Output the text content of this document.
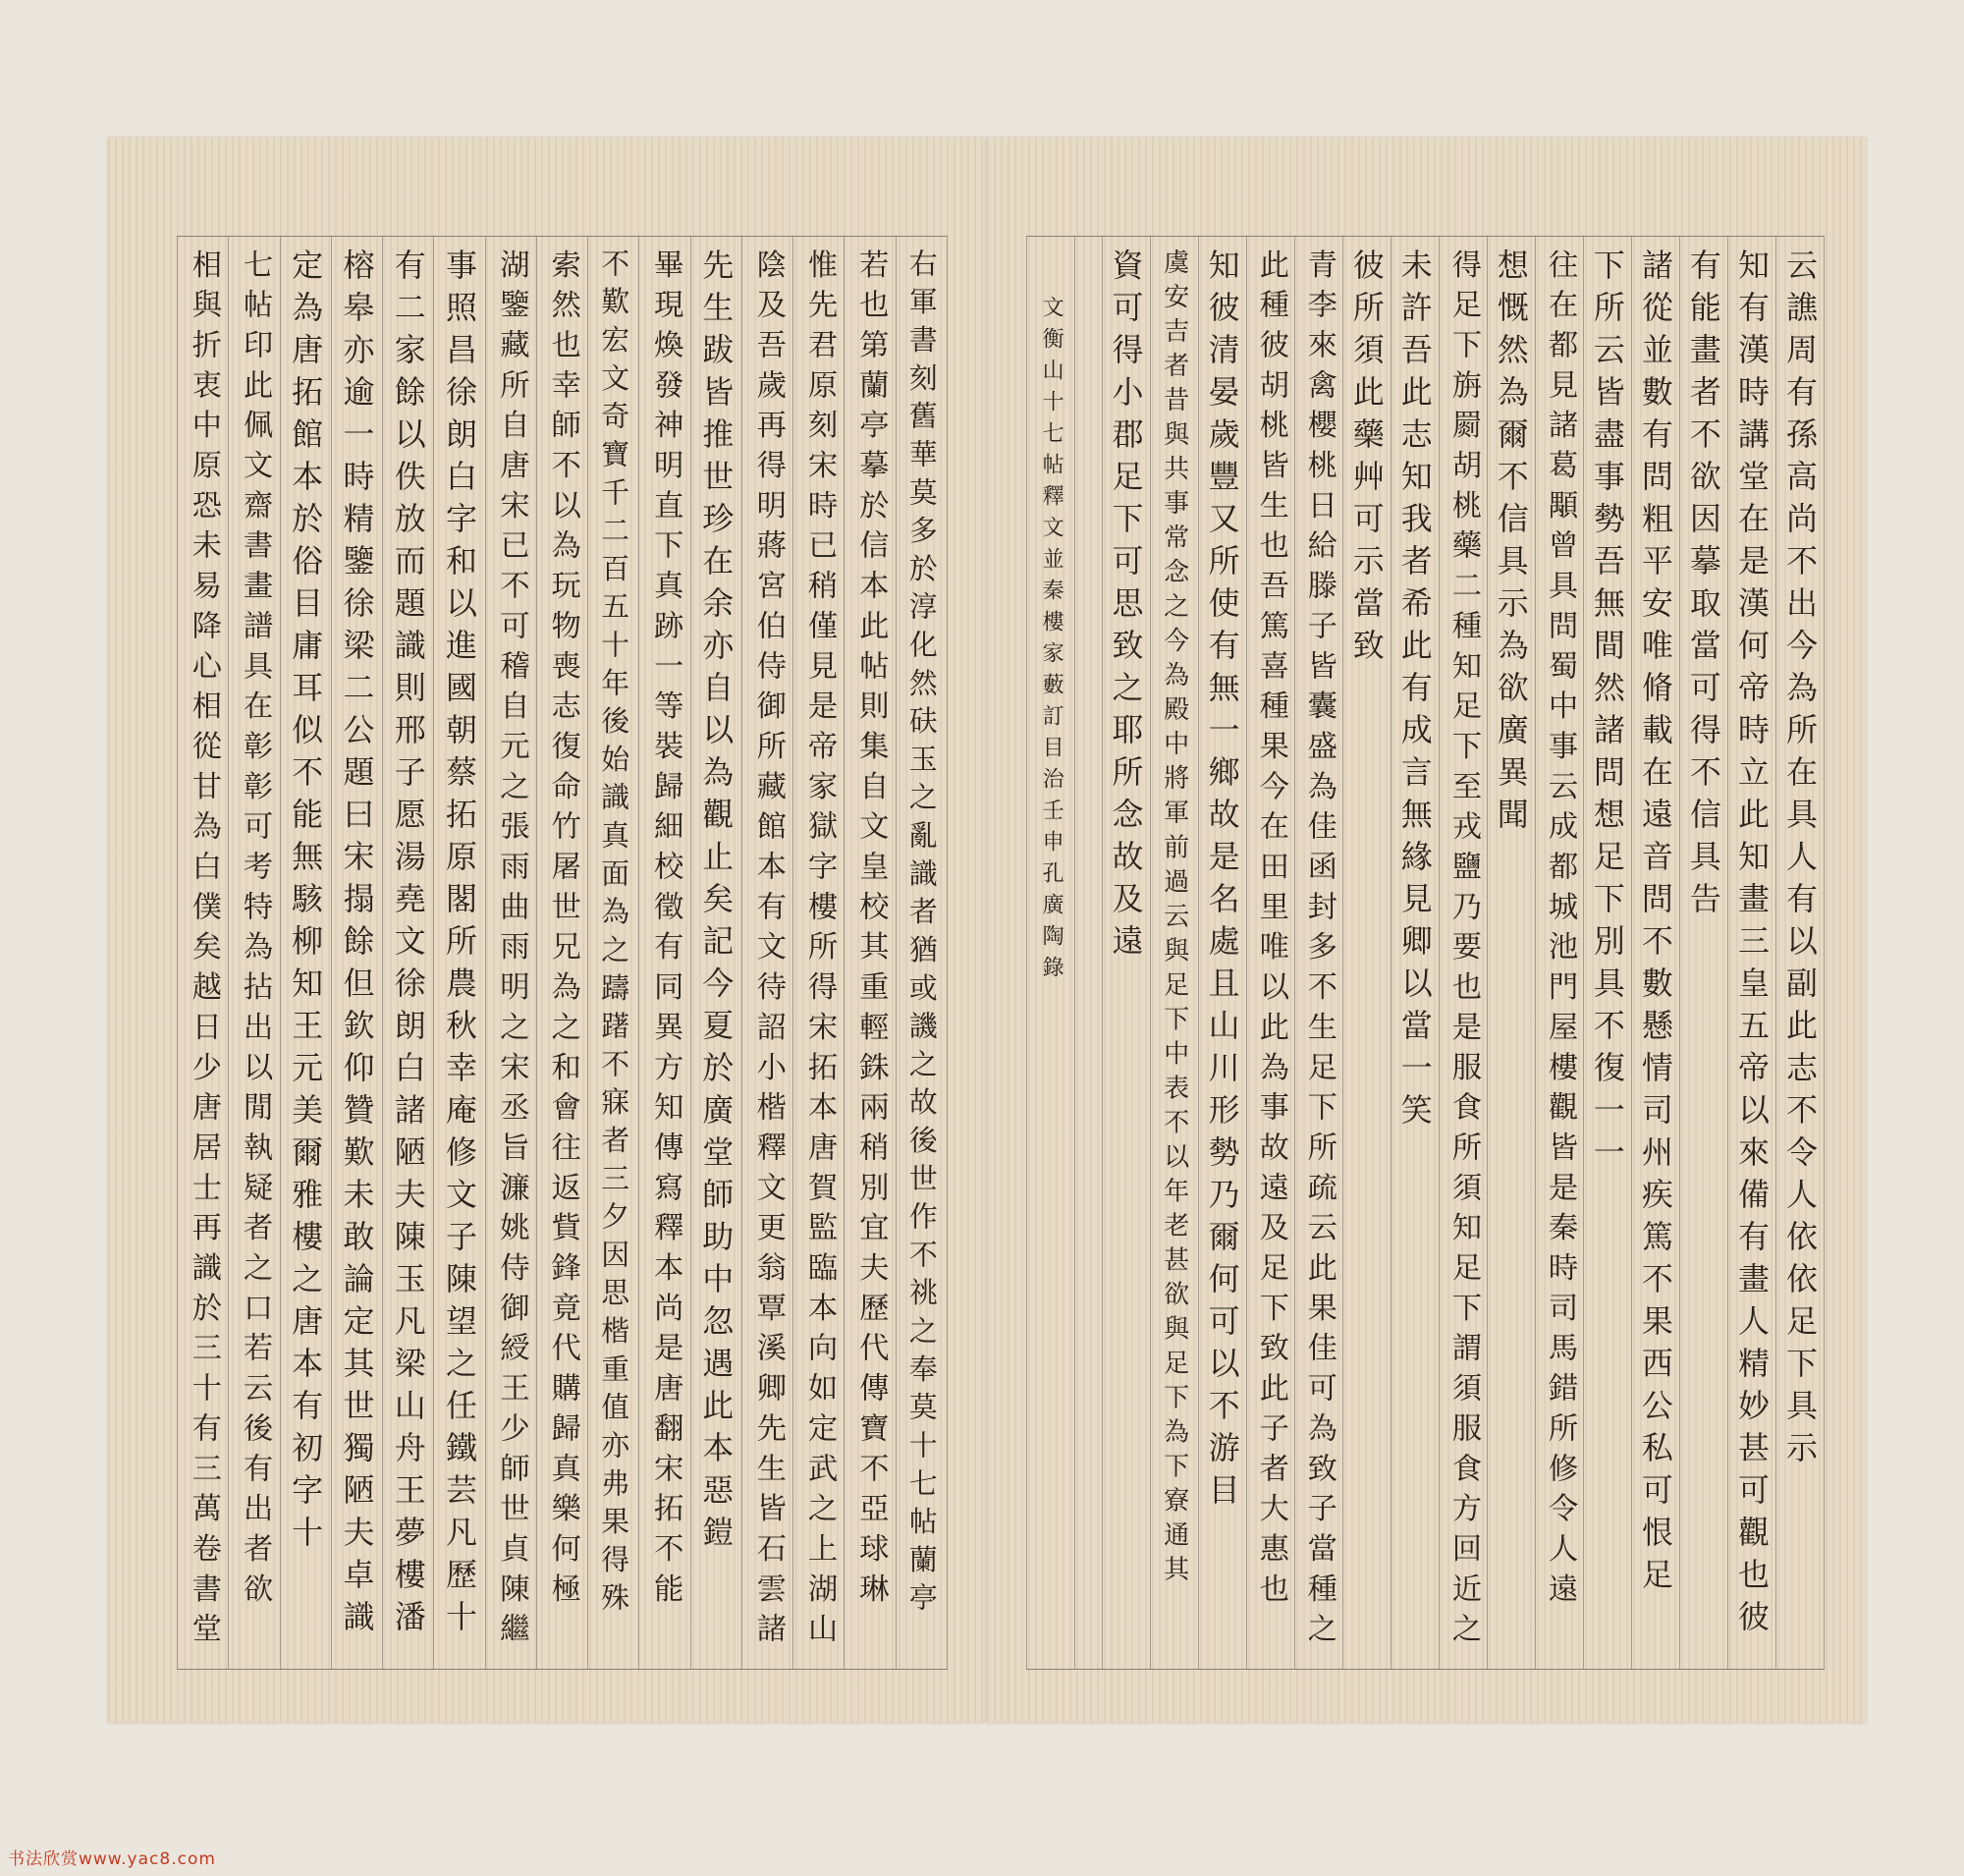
右軍書刻舊華莫多於淳化然砆玉之亂識者猶或譏之故後世作不祧之奉莫十七帖蘭亭
若也第蘭亭摹於信本此帖則集自文皇校其重輕銖兩稍別宜夫歷代傳寶不亞球琳
惟先君原刻宋時已稍僅見是帝家獄字樓所得宋拓本唐賀監臨本向如定武之上湖山
陰及吾歲再得明蔣宮伯侍御所藏館本有文待詔小楷釋文更翁覃溪卿先生皆石雲諸
先生跋皆推世珍在余亦自以為觀止矣記今夏於廣堂師助中忽遇此本惡鎧
畢現煥發神明直下真跡一等裝歸細校徵有同異方知傳寫釋本尚是唐翻宋拓不能
不歎宏文奇寶千二百五十年後始識真面為之躊躇不寐者三夕因思楷重值亦弗果得殊
索然也幸師不以為玩物喪志復命竹屠世兄為之和會往返貲鋒竟代購歸真樂何極
湖鑒藏所自唐宋已不可稽自元之張雨曲雨明之宋丞旨濂姚侍御綬王少師世貞陳繼
事照昌徐朗白字和以進國朝蔡拓原閣所農秋幸庵修文子陳望之任鐵芸凡歷十
有二家餘以佚放而題識則邢子愿湯堯文徐朗白諸陋夫陳玉凡梁山舟王夢樓潘
榕皋亦逾一時精鑒徐梁二公題曰宋搨餘但欽仰贊歎未敢論定其世獨陋夫卓識
定為唐拓館本於俗目庸耳似不能無駭柳知王元美爾雅樓之唐本有初字十
七帖印此佩文齋書畫譜具在彰彰可考特為拈出以閒執疑者之口若云後有出者欲
相與折衷中原恐未易降心相從甘為白僕矣越日少唐居士再識於三十有三萬卷書堂	云譙周有孫高尚不出今為所在具人有以副此志不令人依依足下具示
知有漢時講堂在是漢何帝時立此知畫三皇五帝以來備有畫人精妙甚可觀也彼
有能畫者不欲因摹取當可得不信具告
諸從並數有問粗平安唯脩載在遠音問不數懸情司州疾篤不果西公私可恨足
下所云皆盡事勢吾無間然諸問想足下別具不復一一
往在都見諸葛顒曾具問蜀中事云成都城池門屋樓觀皆是秦時司馬錯所修令人遠
想慨然為爾不信具示為欲廣異聞
得足下旃罽胡桃藥二種知足下至戎鹽乃要也是服食所須知足下謂須服食方回近之
未許吾此志知我者希此有成言無緣見卿以當一笑
彼所須此藥艸可示當致
青李來禽櫻桃日給滕子皆囊盛為佳函封多不生足下所疏云此果佳可為致子當種之
此種彼胡桃皆生也吾篤喜種果今在田里唯以此為事故遠及足下致此子者大惠也
知彼清晏歲豐又所使有無一鄉故是名處且山川形勢乃爾何可以不游目
虞安吉者昔與共事常念之今為殿中將軍前過云與足下中表不以年老甚欲與足下為下寮通其
資可得小郡足下可思致之耶所念故及遠
文衡山十七帖釋文並秦樓家藪訂目治壬申孔廣陶錄
书法欣赏www.yac8.com
